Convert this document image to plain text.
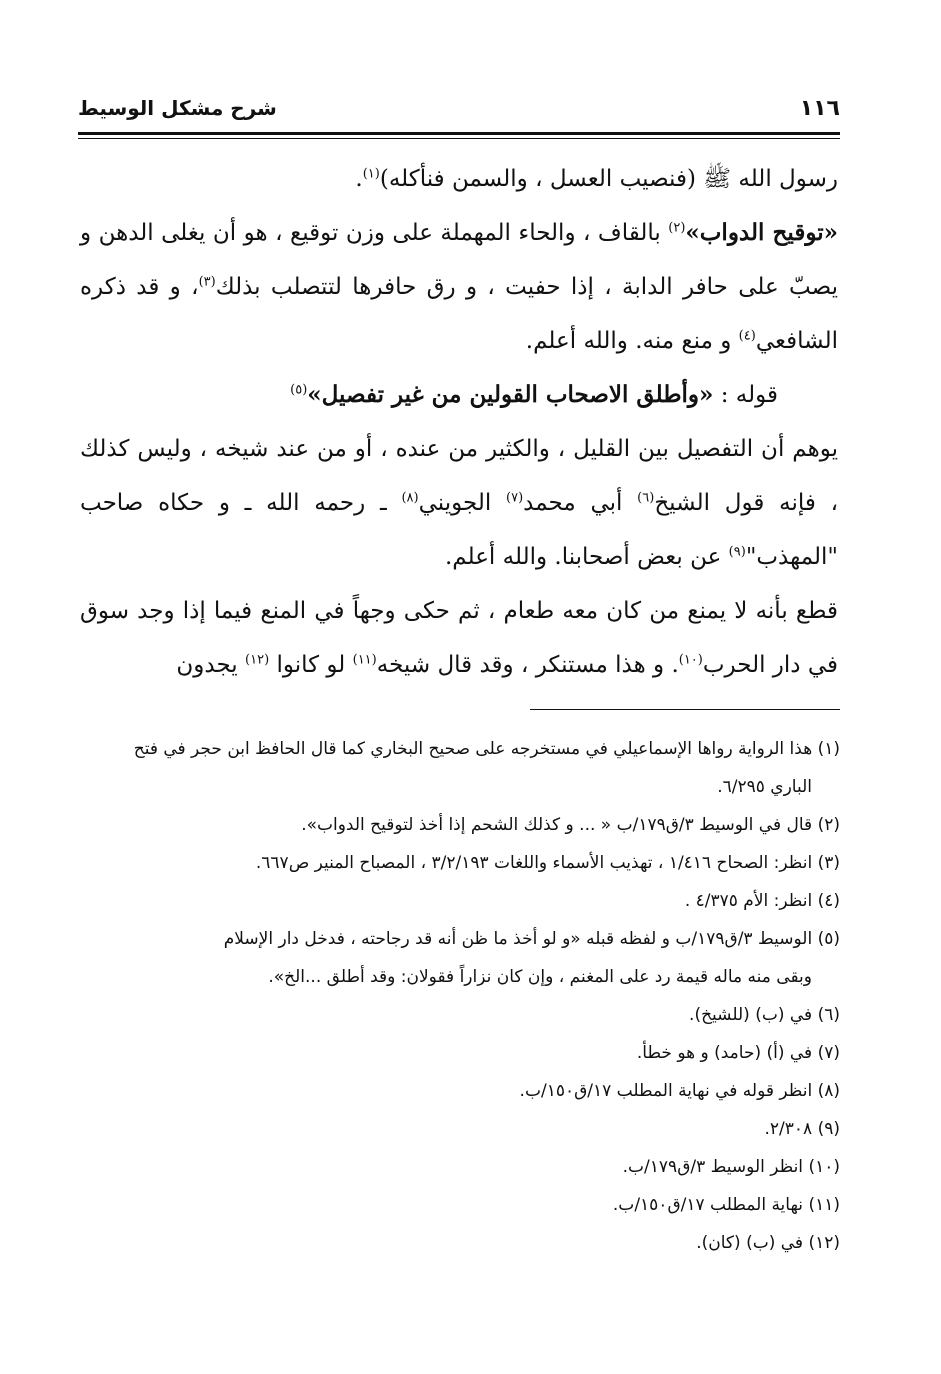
١١٦
شرح مشكل الوسيط

رسول الله ﷺ (فنصيب العسل ، والسمن فنأكله)$^{(١)}$.

«توقيح الدواب»$^{(٢)}$ بالقاف ، والحاء المهملة على وزن توقيع ، هو أن يغلى الدهن و يصبّ على حافر الدابة ، إذا حفيت ، و رق حافرها لتتصلب بذلك$^{(٣)}$، و قد ذكره الشافعي$^{(٤)}$ و منع منه. والله أعلم.

قوله : «وأطلق الاصحاب القولين من غير تفصيل»$^{(٥)}$

يوهم أن التفصيل بين القليل ، والكثير من عنده ، أو من عند شيخه ، وليس كذلك ، فإنه قول الشيخ$^{(٦)}$ أبي محمد$^{(٧)}$ الجويني$^{(٨)}$ ـ رحمه الله ـ و حكاه صاحب "المهذب"$^{(٩)}$ عن بعض أصحابنا. والله أعلم.

قطع بأنه لا يمنع من كان معه طعام ، ثم حكى وجهاً في المنع فيما إذا وجد سوق في دار الحرب$^{(١٠)}$. و هذا مستنكر ، وقد قال شيخه$^{(١١)}$ لو كانوا $^{(١٢)}$ يجدون

(١) هذا الرواية رواها الإسماعيلي في مستخرجه على صحيح البخاري كما قال الحافظ ابن حجر في فتح
الباري ٦/٢٩٥.

(٢) قال في الوسيط ٣/ق١٧٩/ب « ... و كذلك الشحم إذا أخذ لتوقيح الدواب».

(٣) انظر: الصحاح ١/٤١٦ ، تهذيب الأسماء واللغات ٣/٢/١٩٣ ، المصباح المنير ص٦٦٧.

(٤) انظر: الأم ٤/٣٧٥ .

(٥) الوسيط ٣/ق١٧٩/ب و لفظه قبله «و لو أخذ ما ظن أنه قد رجاحته ، فدخل دار الإسلام
وبقى منه ماله قيمة رد على المغنم ، وإن كان نزاراً فقولان: وقد أطلق ...الخ».

(٦) في (ب) (للشيخ).

(٧) في (أ) (حامد) و هو خطأ.

(٨) انظر قوله في نهاية المطلب ١٧/ق١٥٠/ب.

(٩) ٢/٣٠٨.

(١٠) انظر الوسيط ٣/ق١٧٩/ب.

(١١) نهاية المطلب ١٧/ق١٥٠/ب.

(١٢) في (ب) (كان).
